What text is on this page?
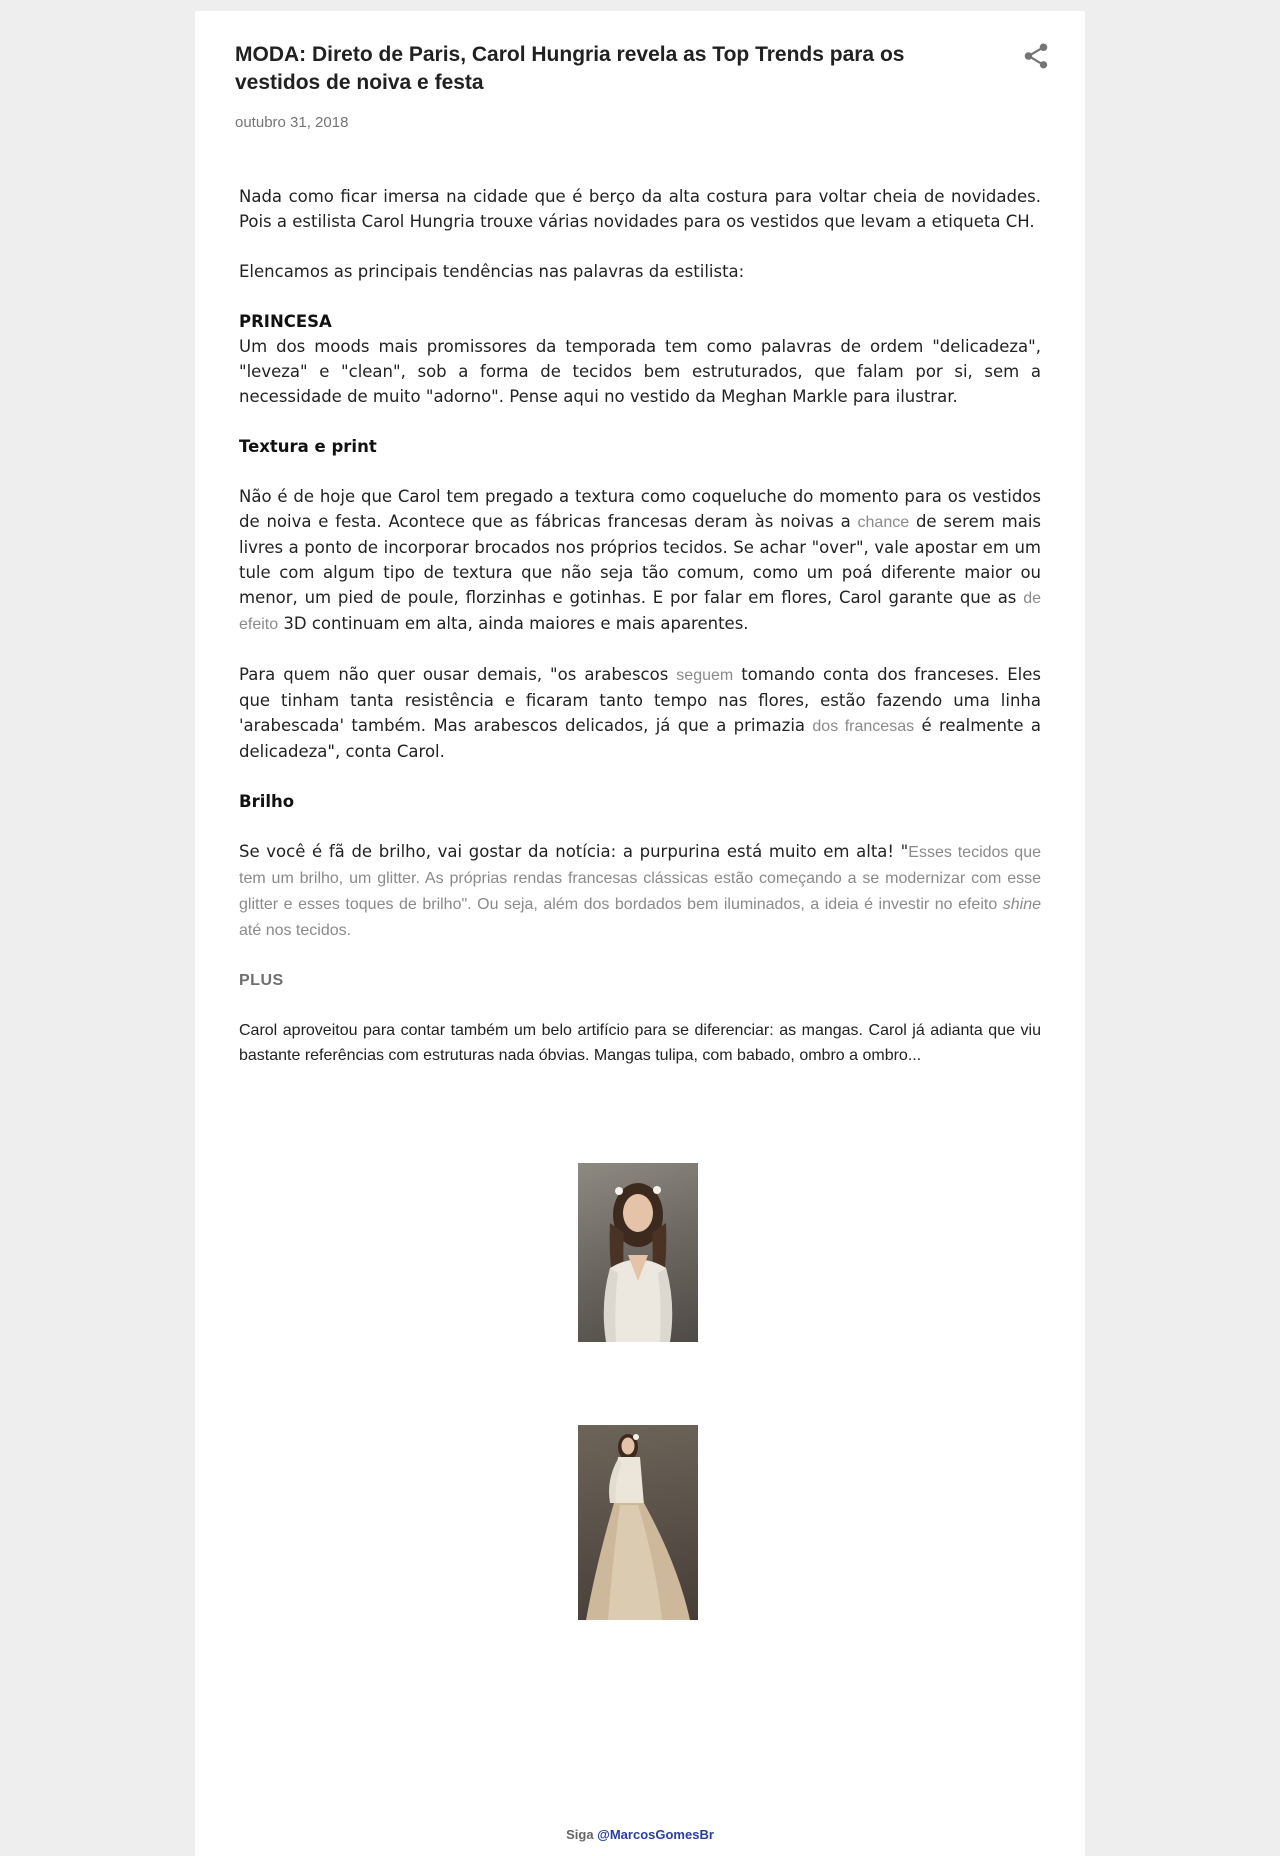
MODA: Direto de Paris, Carol Hungria revela as Top Trends para os vestidos de noiva e festa
outubro 31, 2018

Nada como ficar imersa na cidade que é berço da alta costura para voltar cheia de novidades. Pois a estilista Carol Hungria trouxe várias novidades para os vestidos que levam a etiqueta CH.

Elencamos as principais tendências nas palavras da estilista:

PRINCESA

Um dos moods mais promissores da temporada tem como palavras de ordem "delicadeza", "leveza" e "clean", sob a forma de tecidos bem estruturados, que falam por si, sem a necessidade de muito "adorno". Pense aqui no vestido da Meghan Markle para ilustrar.

Textura e print

Não é de hoje que Carol tem pregado a textura como coqueluche do momento para os vestidos de noiva e festa. Acontece que as fábricas francesas deram às noivas a chance de serem mais livres a ponto de incorporar brocados nos próprios tecidos. Se achar "over", vale apostar em um tule com algum tipo de textura que não seja tão comum, como um poá diferente maior ou menor, um pied de poule, florzinhas e gotinhas. E por falar em flores, Carol garante que as de efeito 3D continuam em alta, ainda maiores e mais aparentes.

Para quem não quer ousar demais, "os arabescos seguem tomando conta dos franceses. Eles que tinham tanta resistência e ficaram tanto tempo nas flores, estão fazendo uma linha 'arabescada' também. Mas arabescos delicados, já que a primazia dos francesas é realmente a delicadeza", conta Carol.

Brilho

Se você é fã de brilho, vai gostar da notícia: a purpurina está muito em alta! "Esses tecidos que tem um brilho, um glitter. As próprias rendas francesas clássicas estão começando a se modernizar com esse glitter e esses toques de brilho". Ou seja, além dos bordados bem iluminados, a ideia é investir no efeito shine até nos tecidos.

PLUS

Carol aproveitou para contar também um belo artifício para se diferenciar: as mangas. Carol já adianta que viu bastante referências com estruturas nada óbvias. Mangas tulipa, com babado, ombro a ombro...

Siga @MarcosGomesBr
